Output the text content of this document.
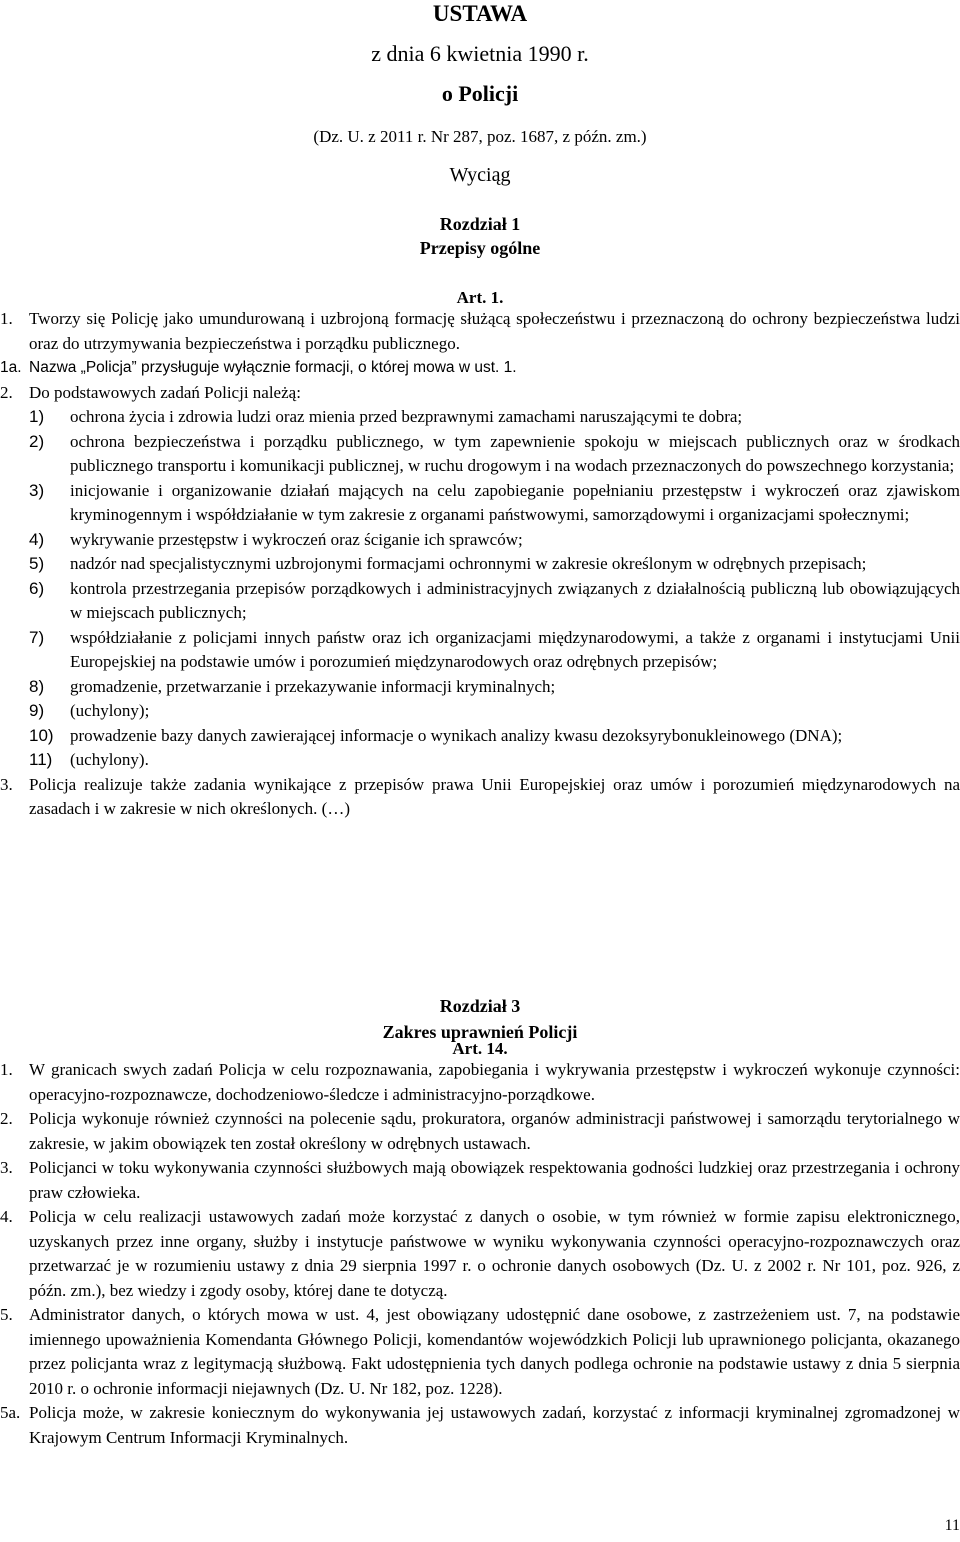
USTAWA
z dnia 6 kwietnia 1990 r.
o Policji
(Dz. U. z 2011 r. Nr 287, poz. 1687, z późn. zm.)
Wyciąg
Rozdział 1
Przepisy ogólne
Art. 1.
1. Tworzy się Policję jako umundurowaną i uzbrojoną formację służącą społeczeństwu i przeznaczoną do ochrony bezpieczeństwa ludzi oraz do utrzymywania bezpieczeństwa i porządku publicznego.
1a. Nazwa „Policja” przysługuje wyłącznie formacji, o której mowa w ust. 1.
2. Do podstawowych zadań Policji należą:
1) ochrona życia i zdrowia ludzi oraz mienia przed bezprawnymi zamachami naruszającymi te dobra;
2) ochrona bezpieczeństwa i porządku publicznego, w tym zapewnienie spokoju w miejscach publicznych oraz w środkach publicznego transportu i komunikacji publicznej, w ruchu drogowym i na wodach przeznaczonych do powszechnego korzystania;
3) inicjowanie i organizowanie działań mających na celu zapobieganie popełnianiu przestępstw i wykroczeń oraz zjawiskom kryminogennym i współdziałanie w tym zakresie z organami państwowymi, samorządowymi i organizacjami społecznymi;
4) wykrywanie przestępstw i wykroczeń oraz ściganie ich sprawców;
5) nadzór nad specjalistycznymi uzbrojonymi formacjami ochronnymi w zakresie określonym w odrębnych przepisach;
6) kontrola przestrzegania przepisów porządkowych i administracyjnych związanych z działalnością publiczną lub obowiązujących w miejscach publicznych;
7) współdziałanie z policjami innych państw oraz ich organizacjami międzynarodowymi, a także z organami i instytucjami Unii Europejskiej na podstawie umów i porozumień międzynarodowych oraz odrębnych przepisów;
8) gromadzenie, przetwarzanie i przekazywanie informacji kryminalnych;
9) (uchylony);
10) prowadzenie bazy danych zawierającej informacje o wynikach analizy kwasu dezoksyrybonukleinowego (DNA);
11) (uchylony).
3. Policja realizuje także zadania wynikające z przepisów prawa Unii Europejskiej oraz umów i porozumień międzynarodowych na zasadach i w zakresie w nich określonych. (…)
Rozdział 3
Zakres uprawnień Policji
Art. 14.
1. W granicach swych zadań Policja w celu rozpoznawania, zapobiegania i wykrywania przestępstw i wykroczeń wykonuje czynności: operacyjno-rozpoznawcze, dochodzeniowo-śledcze i administracyjno-porządkowe.
2. Policja wykonuje również czynności na polecenie sądu, prokuratora, organów administracji państwowej i samorządu terytorialnego w zakresie, w jakim obowiązek ten został określony w odrębnych ustawach.
3. Policjanci w toku wykonywania czynności służbowych mają obowiązek respektowania godności ludzkiej oraz przestrzegania i ochrony praw człowieka.
4. Policja w celu realizacji ustawowych zadań może korzystać z danych o osobie, w tym również w formie zapisu elektronicznego, uzyskanych przez inne organy, służby i instytucje państwowe w wyniku wykonywania czynności operacyjno-rozpoznawczych oraz przetwarzać je w rozumieniu ustawy z dnia 29 sierpnia 1997 r. o ochronie danych osobowych (Dz. U. z 2002 r. Nr 101, poz. 926, z późn. zm.), bez wiedzy i zgody osoby, której dane te dotyczą.
5. Administrator danych, o których mowa w ust. 4, jest obowiązany udostępnić dane osobowe, z zastrzeżeniem ust. 7, na podstawie imiennego upoważnienia Komendanta Głównego Policji, komendantów wojewódzkich Policji lub uprawnionego policjanta, okazanego przez policjanta wraz z legitymacją służbową. Fakt udostępnienia tych danych podlega ochronie na podstawie ustawy z dnia 5 sierpnia 2010 r. o ochronie informacji niejawnych (Dz. U. Nr 182, poz. 1228).
5a. Policja może, w zakresie koniecznym do wykonywania jej ustawowych zadań, korzystać z informacji kryminalnej zgromadzonej w Krajowym Centrum Informacji Kryminalnych.
11
